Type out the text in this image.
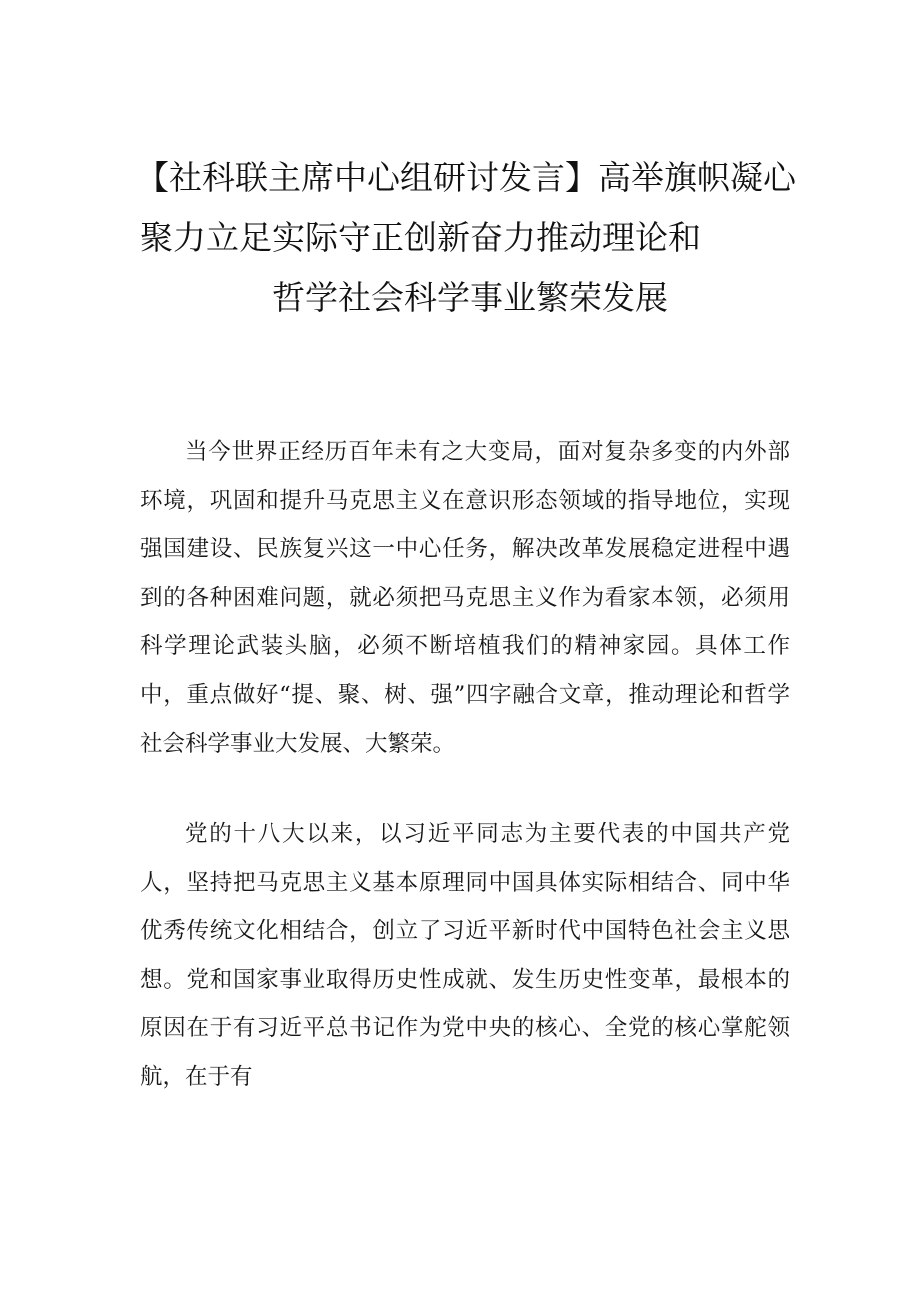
【社科联主席中心组研讨发言】高举旗帜凝心
聚力立足实际守正创新奋力推动理论和
哲学社会科学事业繁荣发展

当今世界正经历百年未有之大变局，面对复杂多变的内外部环境，巩固和提升马克思主义在意识形态领域的指导地位，实现强国建设、民族复兴这一中心任务，解决改革发展稳定进程中遇到的各种困难问题，就必须把马克思主义作为看家本领，必须用科学理论武装头脑，必须不断培植我们的精神家园。具体工作中，重点做好“提、聚、树、强”四字融合文章，推动理论和哲学社会科学事业大发展、大繁荣。

党的十八大以来，以习近平同志为主要代表的中国共产党人，坚持把马克思主义基本原理同中国具体实际相结合、同中华优秀传统文化相结合，创立了习近平新时代中国特色社会主义思想。党和国家事业取得历史性成就、发生历史性变革，最根本的原因在于有习近平总书记作为党中央的核心、全党的核心掌舵领航，在于有
